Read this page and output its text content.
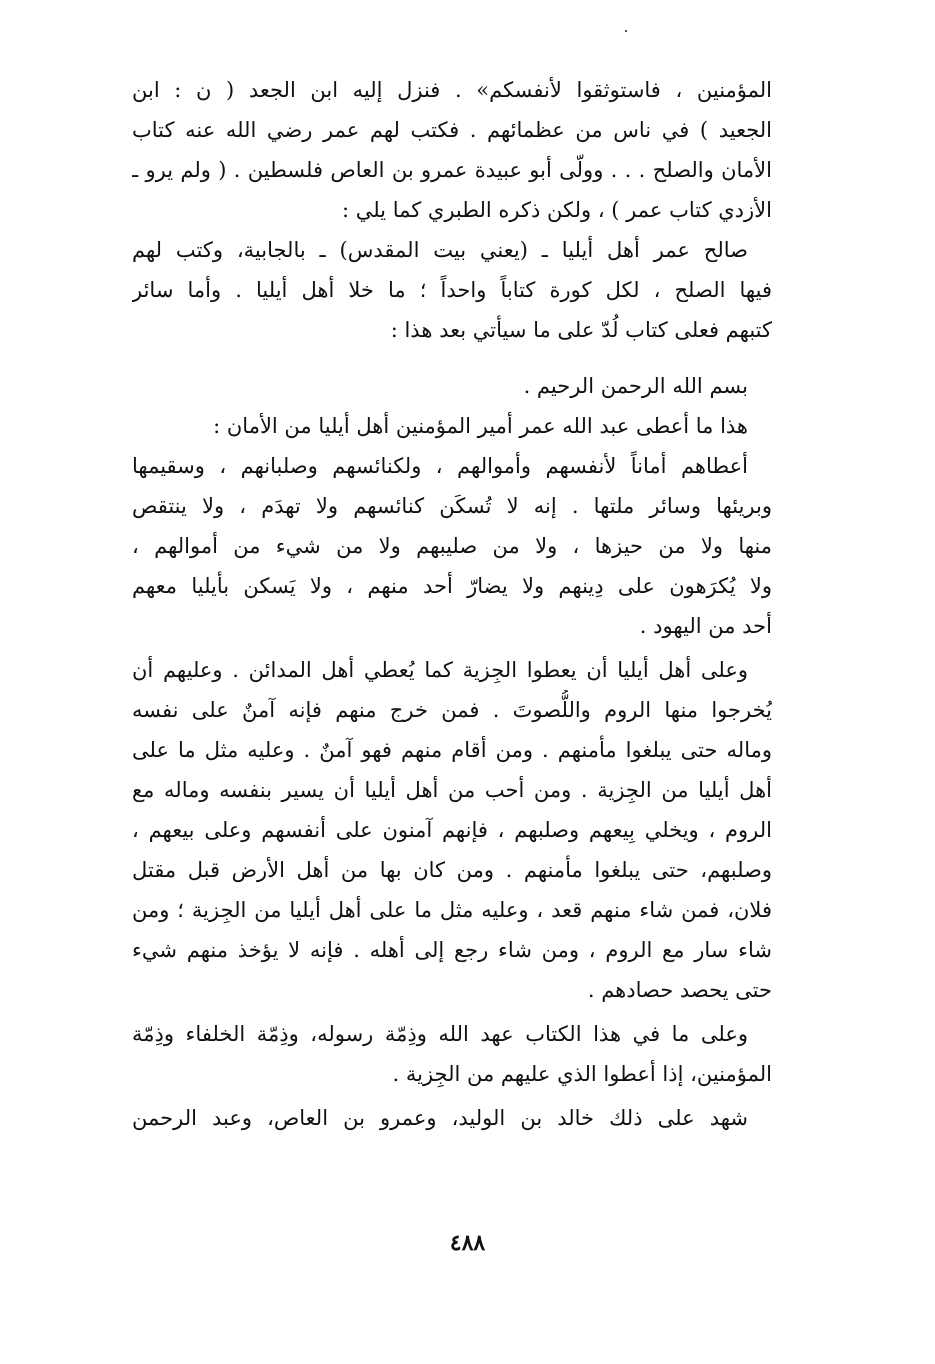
المؤمنين ، فاستوثقوا لأنفسكم» . فنزل إليه ابن الجعد ( ن : ابن
الجعيد ) في ناس من عظمائهم . فكتب لهم عمر رضي الله عنه كتاب
الأمان والصلح . . . وولّى أبو عبيدة عمرو بن العاص فلسطين . ( ولم يرو ـ
الأزدي كتاب عمر ) ، ولكن ذكره الطبري كما يلي :
صالح عمر أهل أيليا ـ (يعني بيت المقدس) ـ بالجابية، وكتب لهم
فيها الصلح ، لكل كورة كتاباً واحداً ؛ ما خلا أهل أيليا . وأما سائر
كتبهم فعلى كتاب لُدّ على ما سيأتي بعد هذا :
بسم الله الرحمن الرحيم .
هذا ما أعطى عبد الله عمر أمير المؤمنين أهل أيليا من الأمان :
أعطاهم أماناً لأنفسهم وأموالهم ، ولكنائسهم وصلبانهم ، وسقيمها
وبريئها وسائر ملتها . إنه لا تُسكَن كنائسهم ولا تهدَم ، ولا ينتقص
منها ولا من حيزها ، ولا من صليبهم ولا من شيء من أموالهم ،
ولا يُكرَهون على دِينهم ولا يضارّ أحد منهم ، ولا يَسكن بأيليا معهم
أحد من اليهود .
وعلى أهل أيليا أن يعطوا الجِزية كما يُعطي أهل المدائن . وعليهم أن
يُخرجوا منها الروم واللُّصوتَ . فمن خرج منهم فإنه آمنٌ على نفسه
وماله حتى يبلغوا مأمنهم . ومن أقام منهم فهو آمنٌ . وعليه مثل ما على
أهل أيليا من الجِزية . ومن أحب من أهل أيليا أن يسير بنفسه وماله مع
الروم ، ويخلي بِيعهم وصلبهم ، فإنهم آمنون على أنفسهم وعلى بيعهم ،
وصلبهم، حتى يبلغوا مأمنهم . ومن كان بها من أهل الأرض قبل مقتل
فلان، فمن شاء منهم قعد ، وعليه مثل ما على أهل أيليا من الجِزية ؛ ومن
شاء سار مع الروم ، ومن شاء رجع إلى أهله . فإنه لا يؤخذ منهم شيء
حتى يحصد حصادهم .
وعلى ما في هذا الكتاب عهد الله وذِمّة رسوله، وذِمّة الخلفاء وذِمّة
المؤمنين، إذا أعطوا الذي عليهم من الجِزية .
شهد على ذلك خالد بن الوليد، وعمرو بن العاص، وعبد الرحمن
٤٨٨
